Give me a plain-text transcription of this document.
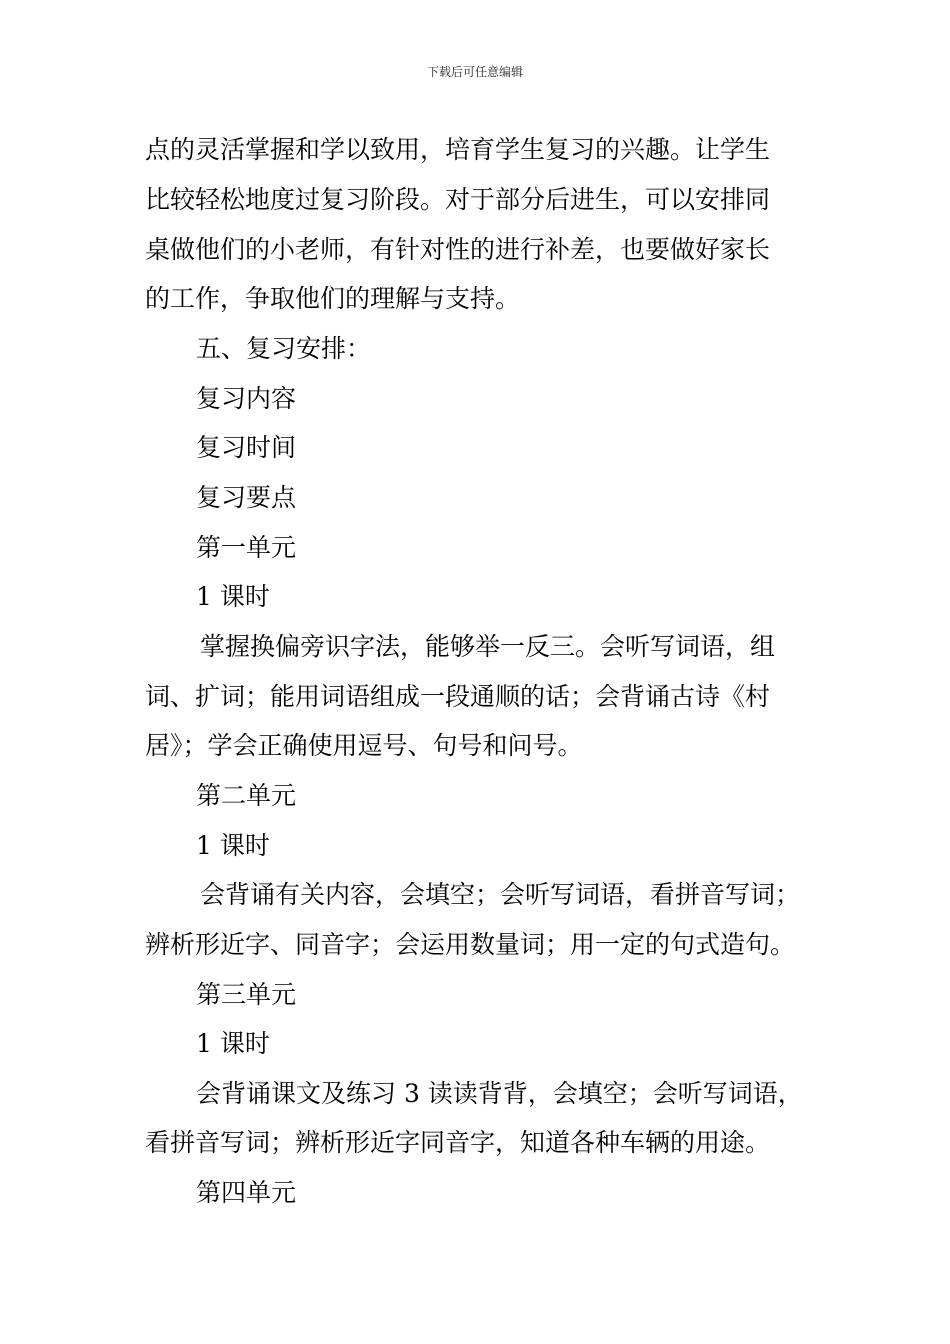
下载后可任意编辑
点的灵活掌握和学以致用，培育学生复习的兴趣。让学生
比较轻松地度过复习阶段。对于部分后进生，可以安排同
桌做他们的小老师，有针对性的进行补差，也要做好家长
的工作，争取他们的理解与支持。
五、复习安排：
复习内容
复习时间
复习要点
第一单元
1 课时
掌握换偏旁识字法，能够举一反三。会听写词语，组
词、扩词；能用词语组成一段通顺的话；会背诵古诗《村
居》；学会正确使用逗号、句号和问号。
第二单元
1 课时
会背诵有关内容，会填空；会听写词语，看拼音写词；
辨析形近字、同音字；会运用数量词；用一定的句式造句。
第三单元
1 课时
会背诵课文及练习 3 读读背背，会填空；会听写词语，
看拼音写词；辨析形近字同音字，知道各种车辆的用途。
第四单元
